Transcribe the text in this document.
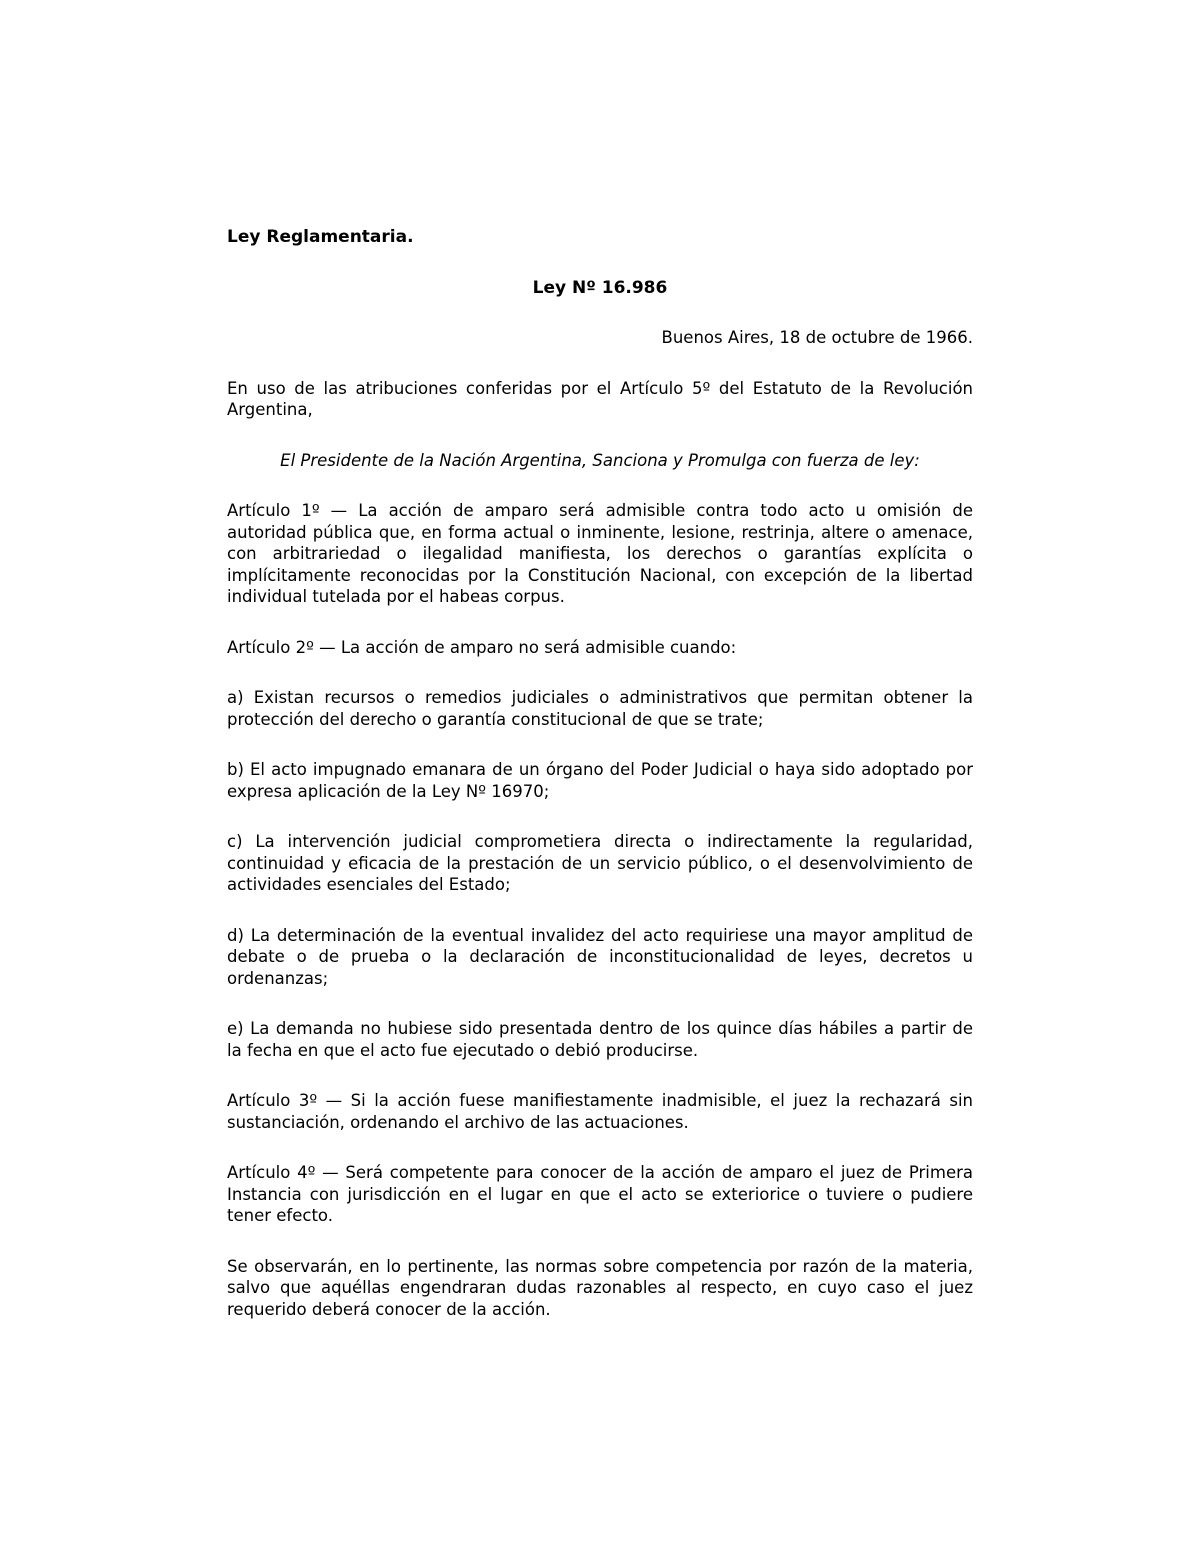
Ley Reglamentaria.

Ley Nº 16.986

Buenos Aires, 18 de octubre de 1966.

En uso de las atribuciones conferidas por el Artículo 5º del Estatuto de la Revolución Argentina,

El Presidente de la Nación Argentina, Sanciona y Promulga con fuerza de ley:

Artículo 1º — La acción de amparo será admisible contra todo acto u omisión de autoridad pública que, en forma actual o inminente, lesione, restrinja, altere o amenace, con arbitrariedad o ilegalidad manifiesta, los derechos o garantías explícita o implícitamente reconocidas por la Constitución Nacional, con excepción de la libertad individual tutelada por el habeas corpus.

Artículo 2º — La acción de amparo no será admisible cuando:

a) Existan recursos o remedios judiciales o administrativos que permitan obtener la protección del derecho o garantía constitucional de que se trate;

b) El acto impugnado emanara de un órgano del Poder Judicial o haya sido adoptado por expresa aplicación de la Ley Nº 16970;

c) La intervención judicial comprometiera directa o indirectamente la regularidad, continuidad y eficacia de la prestación de un servicio público, o el desenvolvimiento de actividades esenciales del Estado;

d) La determinación de la eventual invalidez del acto requiriese una mayor amplitud de debate o de prueba o la declaración de inconstitucionalidad de leyes, decretos u ordenanzas;

e) La demanda no hubiese sido presentada dentro de los quince días hábiles a partir de la fecha en que el acto fue ejecutado o debió producirse.

Artículo 3º — Si la acción fuese manifiestamente inadmisible, el juez la rechazará sin sustanciación, ordenando el archivo de las actuaciones.

Artículo 4º — Será competente para conocer de la acción de amparo el juez de Primera Instancia con jurisdicción en el lugar en que el acto se exteriorice o tuviere o pudiere tener efecto.

Se observarán, en lo pertinente, las normas sobre competencia por razón de la materia, salvo que aquéllas engendraran dudas razonables al respecto, en cuyo caso el juez requerido deberá conocer de la acción.
